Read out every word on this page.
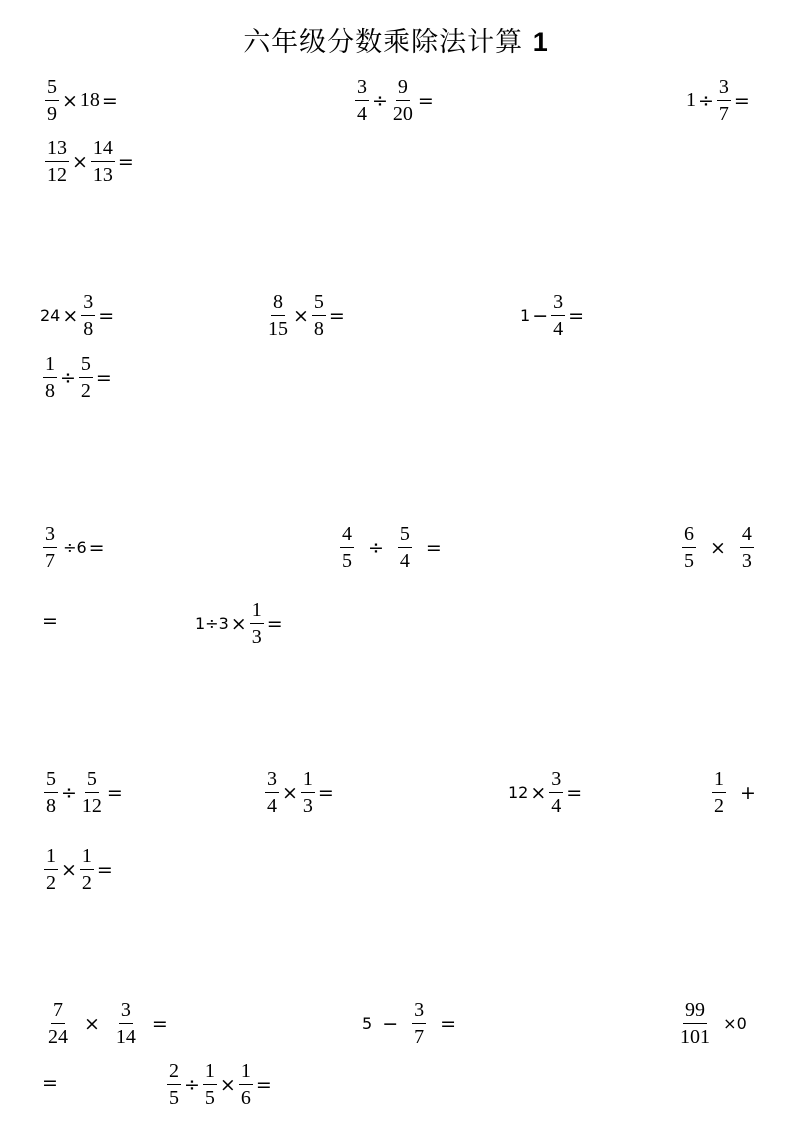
六年级分数乘除法计算 1
$\frac{5}{9} \times 18$ =	$\frac{3}{4} \div \frac{9}{20}$ =	$1 \div \frac{3}{7}$ =
$\frac{13}{12} \times \frac{14}{13}$ =
$24 \times \frac{3}{8}$ =	$\frac{8}{15} \times \frac{5}{8}$ =	$1 - \frac{3}{4}$ =
$\frac{1}{8} \div \frac{5}{2}$ =
$\frac{3}{7} \div 6$ =	$\frac{4}{5} \div \frac{5}{4}$ =	$\frac{6}{5} \times \frac{4}{3}$
=	$1\div 3 \times \frac{1}{3}$ =
$\frac{5}{8} \div \frac{5}{12}$ =	$\frac{3}{4} \times \frac{1}{3}$ =	$12 \times \frac{3}{4}$ =	$\frac{1}{2}$ +
$\frac{1}{2} \times \frac{1}{2}$ =
$\frac{7}{24} \times \frac{3}{14}$ =	$5 - \frac{3}{7}$ =	$\frac{99}{101} \times 0$
=	$\frac{2}{5} \div \frac{1}{5} \times \frac{1}{6}$ =
